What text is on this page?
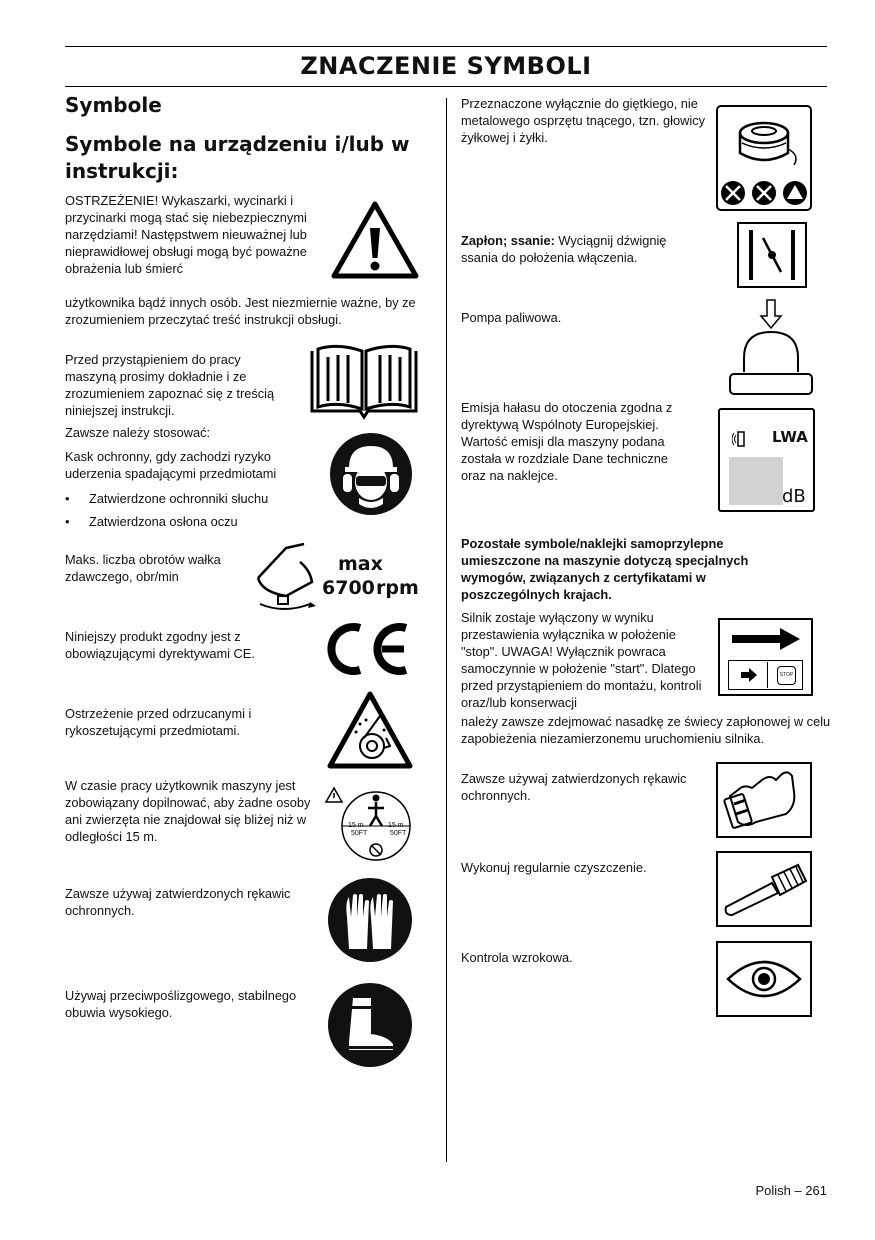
ZNACZENIE SYMBOLI
Symbole
Symbole na urządzeniu i/lub w instrukcji:
OSTRZEŻENIE! Wykaszarki, wycinarki i przycinarki mogą stać się niebezpiecznymi narzędziami! Następstwem nieuważnej lub nieprawidłowej obsługi mogą być poważne obrażenia lub śmierć
użytkownika bądź innych osób. Jest niezmiernie ważne, by ze zrozumieniem przeczytać treść instrukcji obsługi.
Przed przystąpieniem do pracy maszyną prosimy dokładnie i ze zrozumieniem zapoznać się z treścią niniejszej instrukcji.
Zawsze należy stosować:
Kask ochronny, gdy zachodzi ryzyko uderzenia spadającymi przedmiotami
• Zatwierdzone ochronniki słuchu
• Zatwierdzona osłona oczu
Maks. liczba obrotów wałka zdawczego, obr/min
max
6700 rpm
Niniejszy produkt zgodny jest z obowiązującymi dyrektywami CE.
Ostrzeżenie przed odrzucanymi i rykoszetującymi przedmiotami.
W czasie pracy użytkownik maszyny jest zobowiązany dopilnować, aby żadne osoby ani zwierzęta nie znajdował się bliżej niż w odległości 15 m.
15 m
50FT
15 m
50FT
Zawsze używaj zatwierdzonych rękawic ochronnych.
Używaj przeciwpoślizgowego, stabilnego obuwia wysokiego.
Przeznaczone wyłącznie do giętkiego, nie metalowego osprzętu tnącego, tzn. głowicy żyłkowej i żyłki.
Zapłon; ssanie: Wyciągnij dźwignię ssania do położenia włączenia.
Pompa paliwowa.
Emisja hałasu do otoczenia zgodna z dyrektywą Wspólnoty Europejskiej. Wartość emisji dla maszyny podana została w rozdziale Dane techniczne oraz na naklejce.
LWA
dB
Pozostałe symbole/naklejki samoprzylepne umieszczone na maszynie dotyczą specjalnych wymogów, związanych z certyfikatami w poszczególnych krajach.
Silnik zostaje wyłączony w wyniku przestawienia wyłącznika w położenie "stop". UWAGA! Wyłącznik powraca samoczynnie w położenie "start". Dlatego przed przystąpieniem do montażu, kontroli oraz/lub konserwacji
należy zawsze zdejmować nasadkę ze świecy zapłonowej w celu zapobieżenia niezamierzonemu uruchomieniu silnika.
STOP
Zawsze używaj zatwierdzonych rękawic ochronnych.
Wykonuj regularnie czyszczenie.
Kontrola wzrokowa.
Polish – 261
